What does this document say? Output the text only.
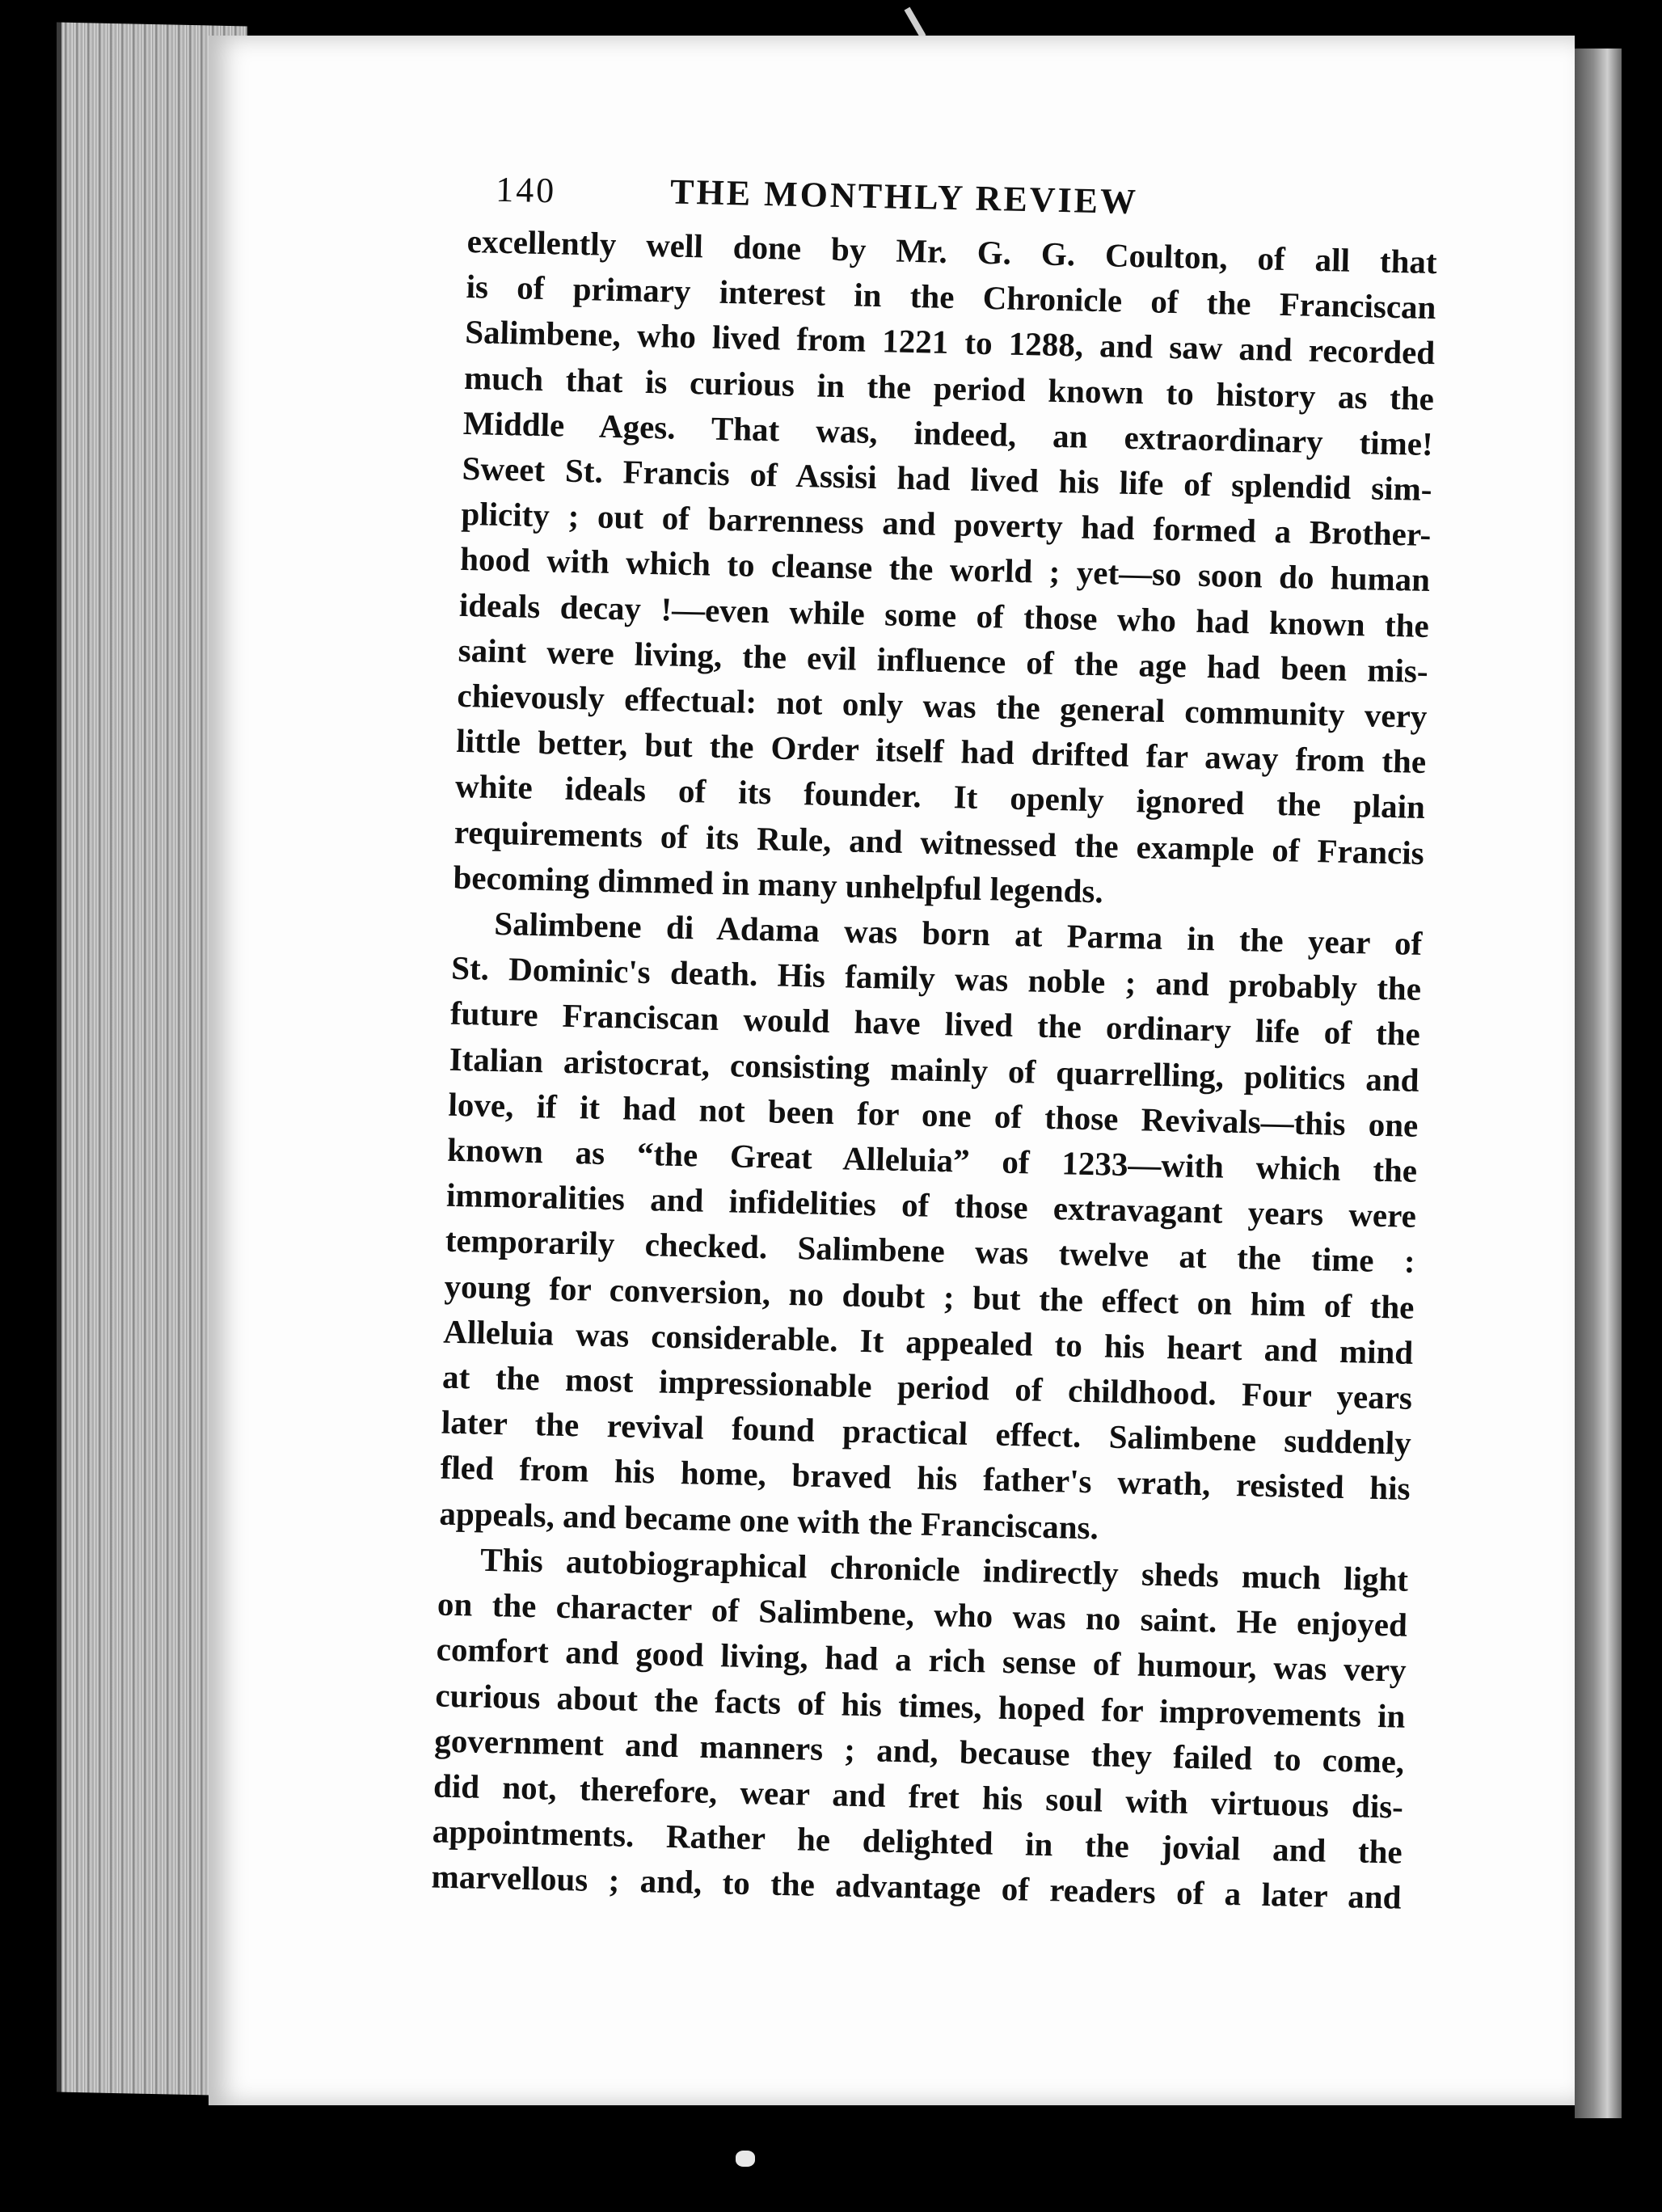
140	THE MONTHLY REVIEW
excellently well done by Mr. G. G. Coulton, of all that
is of primary interest in the Chronicle of the Franciscan
Salimbene, who lived from 1221 to 1288, and saw and recorded
much that is curious in the period known to history as the
Middle Ages. That was, indeed, an extraordinary time!
Sweet St. Francis of Assisi had lived his life of splendid sim-
plicity ; out of barrenness and poverty had formed a Brother-
hood with which to cleanse the world ; yet—so soon do human
ideals decay !—even while some of those who had known the
saint were living, the evil influence of the age had been mis-
chievously effectual: not only was the general community very
little better, but the Order itself had drifted far away from the
white ideals of its founder. It openly ignored the plain
requirements of its Rule, and witnessed the example of Francis
becoming dimmed in many unhelpful legends.
Salimbene di Adama was born at Parma in the year of
St. Dominic's death. His family was noble ; and probably the
future Franciscan would have lived the ordinary life of the
Italian aristocrat, consisting mainly of quarrelling, politics and
love, if it had not been for one of those Revivals—this one
known as “the Great Alleluia” of 1233—with which the
immoralities and infidelities of those extravagant years were
temporarily checked. Salimbene was twelve at the time :
young for conversion, no doubt ; but the effect on him of the
Alleluia was considerable. It appealed to his heart and mind
at the most impressionable period of childhood. Four years
later the revival found practical effect. Salimbene suddenly
fled from his home, braved his father's wrath, resisted his
appeals, and became one with the Franciscans.
This autobiographical chronicle indirectly sheds much light
on the character of Salimbene, who was no saint. He enjoyed
comfort and good living, had a rich sense of humour, was very
curious about the facts of his times, hoped for improvements in
government and manners ; and, because they failed to come,
did not, therefore, wear and fret his soul with virtuous dis-
appointments. Rather he delighted in the jovial and the
marvellous ; and, to the advantage of readers of a later and
